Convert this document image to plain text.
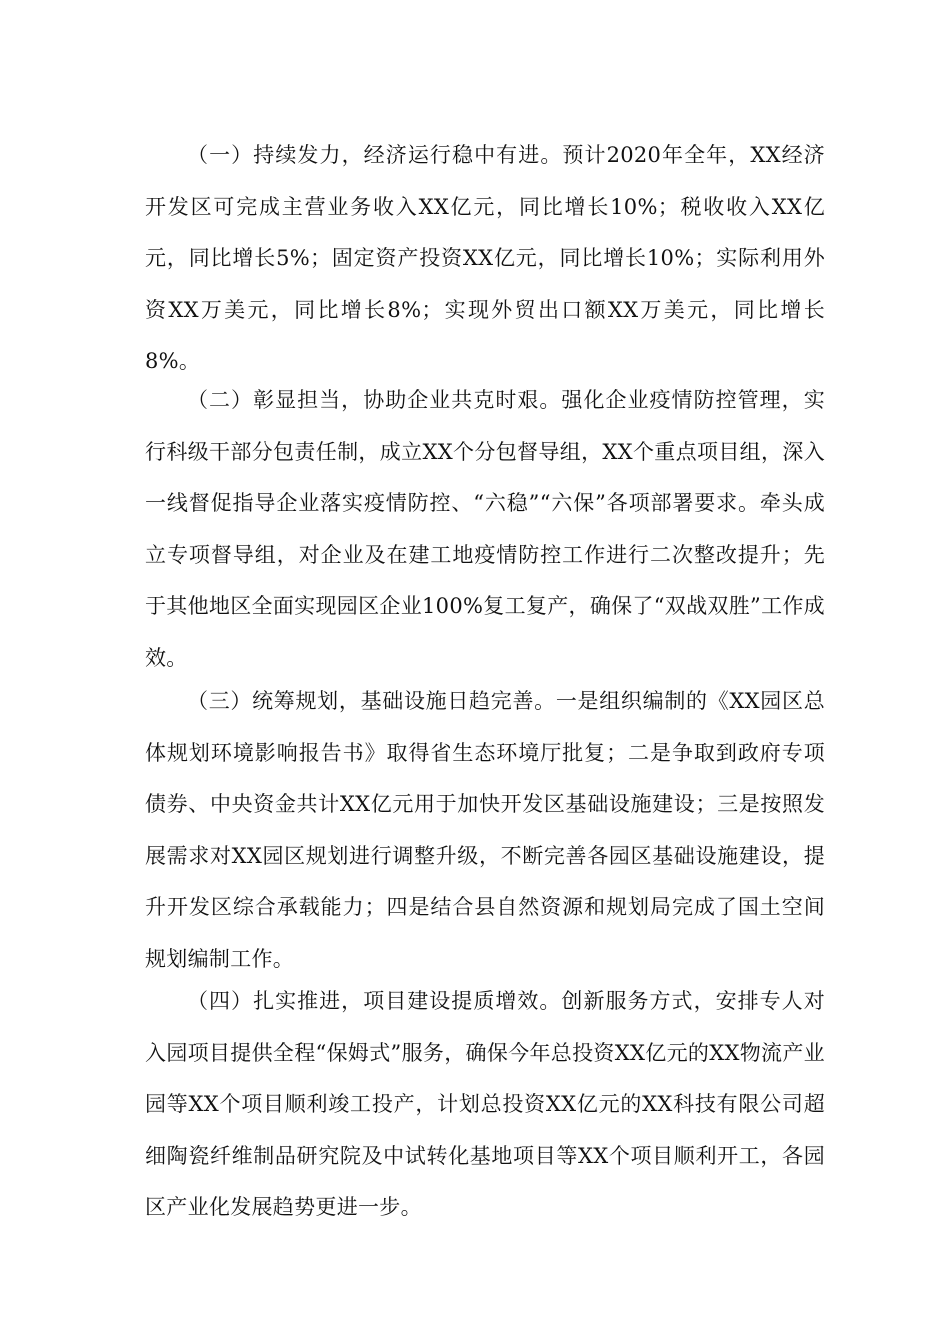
（一）持续发力，经济运行稳中有进。预计2020年全年，XX经济开发区可完成主营业务收入XX亿元，同比增长10%；税收收入XX亿元，同比增长5%；固定资产投资XX亿元，同比增长10%；实际利用外资XX万美元，同比增长8%；实现外贸出口额XX万美元，同比增长8%。

（二）彰显担当，协助企业共克时艰。强化企业疫情防控管理，实行科级干部分包责任制，成立XX个分包督导组，XX个重点项目组，深入一线督促指导企业落实疫情防控、“六稳”“六保”各项部署要求。牵头成立专项督导组，对企业及在建工地疫情防控工作进行二次整改提升；先于其他地区全面实现园区企业100%复工复产，确保了“双战双胜”工作成效。

（三）统筹规划，基础设施日趋完善。一是组织编制的《XX园区总体规划环境影响报告书》取得省生态环境厅批复；二是争取到政府专项债券、中央资金共计XX亿元用于加快开发区基础设施建设；三是按照发展需求对XX园区规划进行调整升级，不断完善各园区基础设施建设，提升开发区综合承载能力；四是结合县自然资源和规划局完成了国土空间规划编制工作。

（四）扎实推进，项目建设提质增效。创新服务方式，安排专人对入园项目提供全程“保姆式”服务，确保今年总投资XX亿元的XX物流产业园等XX个项目顺利竣工投产，计划总投资XX亿元的XX科技有限公司超细陶瓷纤维制品研究院及中试转化基地项目等XX个项目顺利开工，各园区产业化发展趋势更进一步。
